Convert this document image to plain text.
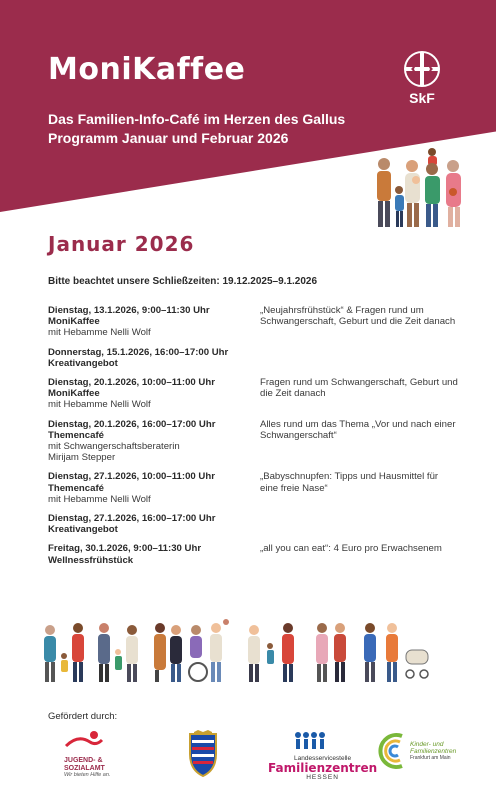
MoniKaffee
Das Familien-Info-Café im Herzen des Gallus
Programm Januar und Februar 2026
SkF
Januar 2026
Bitte beachtet unsere Schließzeiten: 19.12.2025–9.1.2026
Dienstag, 13.1.2026, 9:00–11:30 Uhr
MoniKaffee
mit Hebamme Nelli Wolf
„Neujahrsfrühstück“ & Fragen rund um Schwangerschaft, Geburt und die Zeit danach
Donnerstag, 15.1.2026, 16:00–17:00 Uhr
Kreativangebot
Dienstag, 20.1.2026, 10:00–11:00 Uhr
MoniKaffee
mit Hebamme Nelli Wolf
Fragen rund um Schwangerschaft, Geburt und die Zeit danach
Dienstag, 20.1.2026, 16:00–17:00 Uhr
Themencafé
mit Schwangerschaftsberaterin
Mirijam Stepper
Alles rund um das Thema „Vor und nach einer Schwangerschaft“
Dienstag, 27.1.2026, 10:00–11:00 Uhr
Themencafé
mit Hebamme Nelli Wolf
„Babyschnupfen: Tipps und Hausmittel für eine freie Nase“
Dienstag, 27.1.2026, 16:00–17:00 Uhr
Kreativangebot
Freitag, 30.1.2026, 9:00–11:30 Uhr
Wellnessfrühstück
„all you can eat“: 4 Euro pro Erwachsenem
Gefördert durch:
JUGEND- &
SOZIALAMT
Wir bieten Hilfe an.
Landesservicestelle
Familienzentren
HESSEN
Kinder- und
Familienzentren
Frankfurt am Main
